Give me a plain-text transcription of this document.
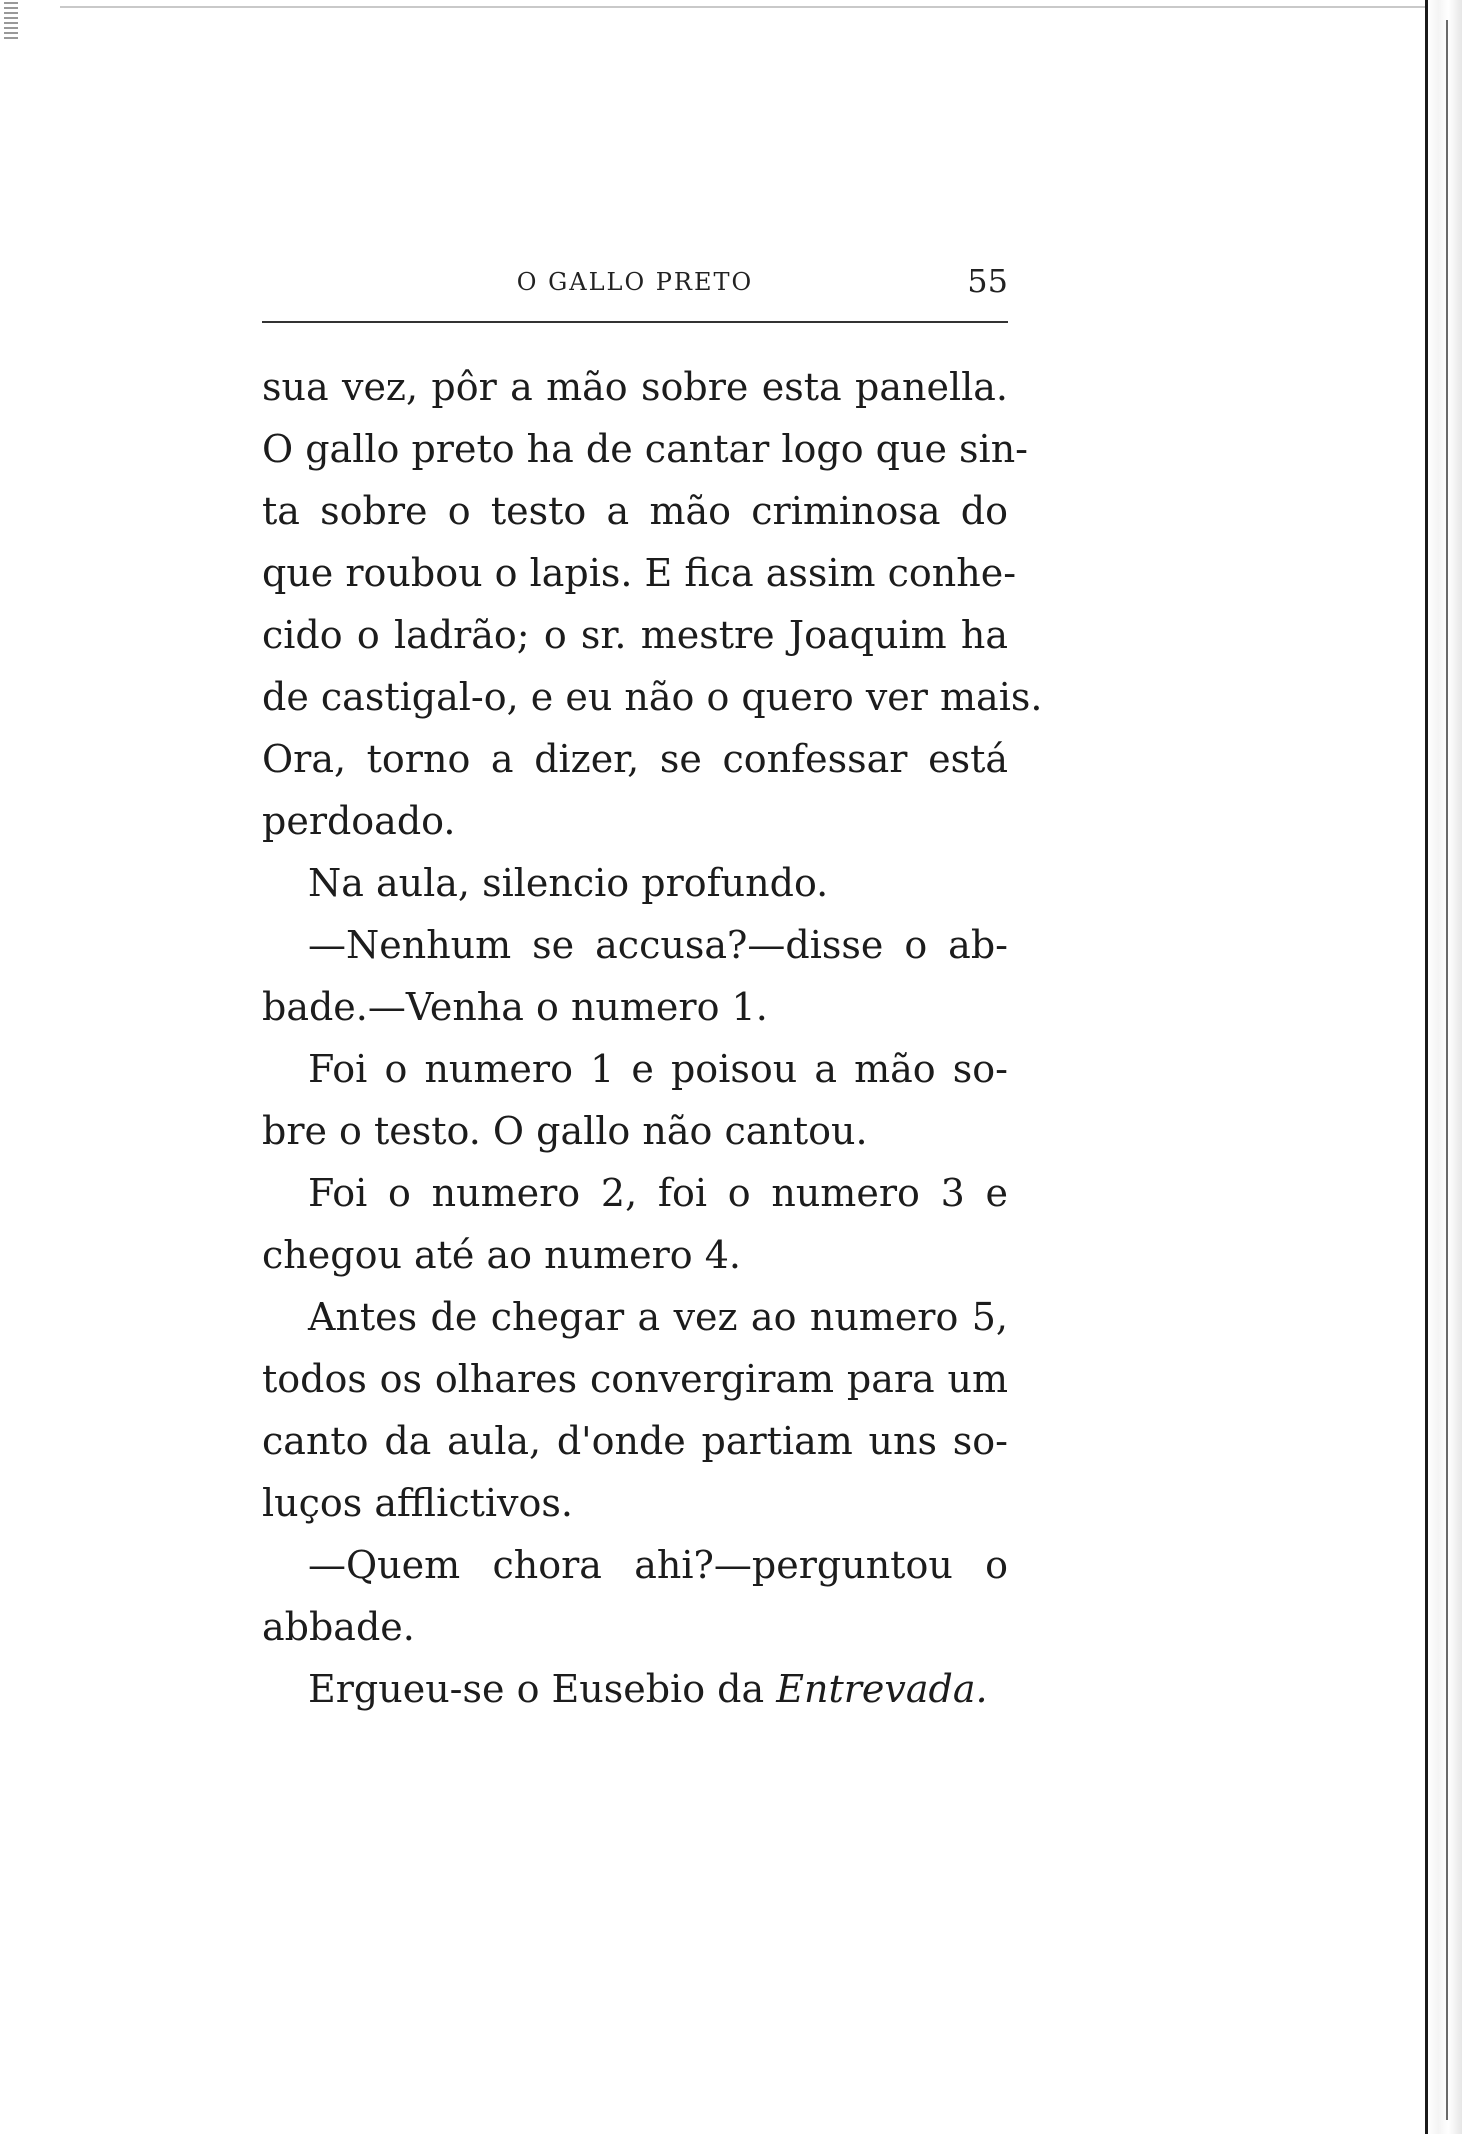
O GALLO PRETO	55
sua vez, pôr a mão sobre esta panella.
O gallo preto ha de cantar logo que sin-
ta sobre o testo a mão criminosa do
que roubou o lapis. E fica assim conhe-
cido o ladrão; o sr. mestre Joaquim ha
de castigal-o, e eu não o quero ver mais.
Ora, torno a dizer, se confessar está
perdoado.
Na aula, silencio profundo.
—Nenhum se accusa?—disse o ab-
bade.—Venha o numero 1.
Foi o numero 1 e poisou a mão so-
bre o testo. O gallo não cantou.
Foi o numero 2, foi o numero 3 e
chegou até ao numero 4.
Antes de chegar a vez ao numero 5,
todos os olhares convergiram para um
canto da aula, d'onde partiam uns so-
luços afflictivos.
—Quem chora ahi?—perguntou o
abbade.
Ergueu-se o Eusebio da Entrevada.
